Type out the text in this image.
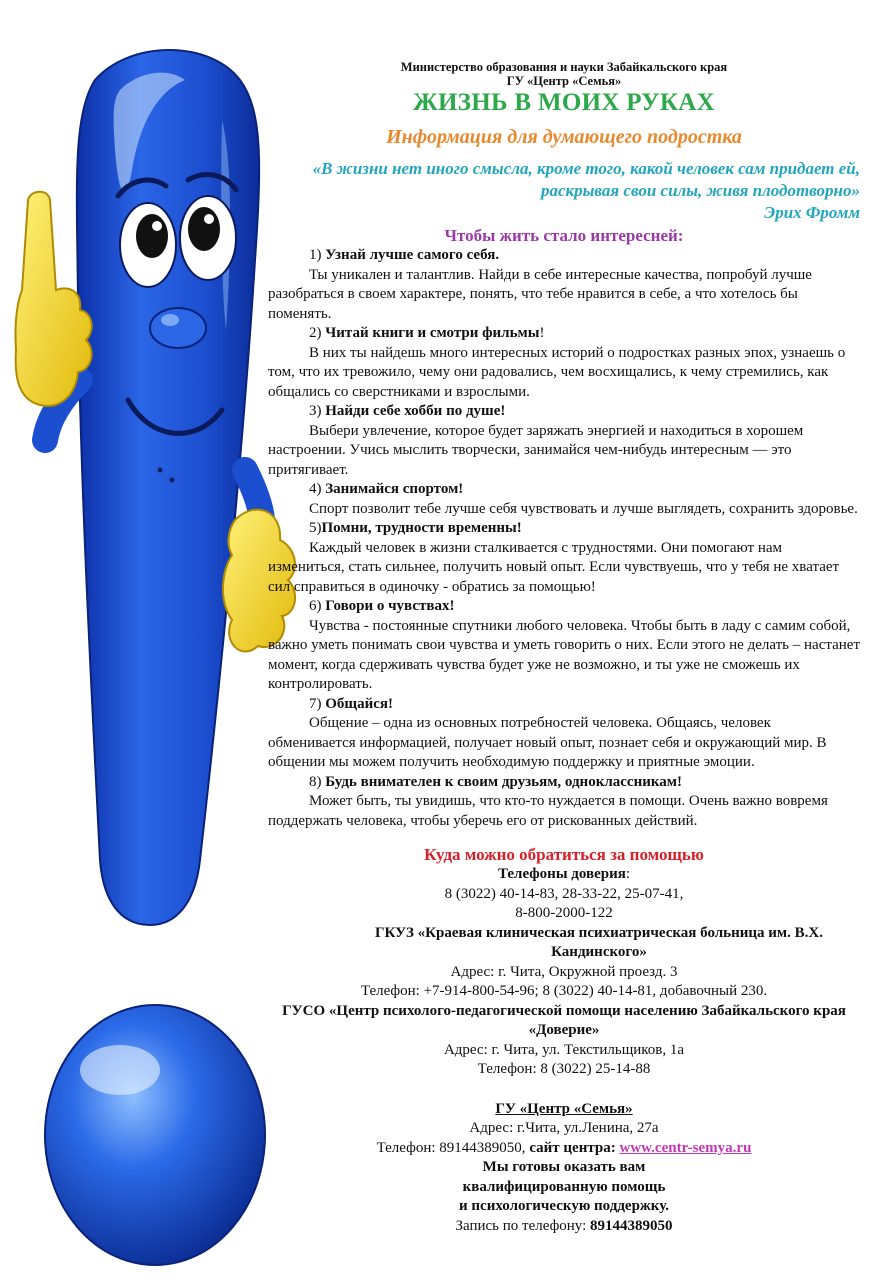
Министерство образования и науки Забайкальского края
ГУ «Центр «Семья»
ЖИЗНЬ В МОИХ РУКАХ
Информация для думающего подростка
«В жизни нет иного смысла, кроме того, какой человек сам придает ей, раскрывая свои силы, живя плодотворно»
Эрих Фромм
Чтобы жить стало интересней:
1) Узнай лучше самого себя.
Ты уникален и талантлив. Найди в себе интересные качества, попробуй лучше разобраться в своем характере, понять, что тебе нравится в себе, а что хотелось бы поменять.
2) Читай книги и смотри фильмы!
В них ты найдешь много интересных историй о подростках разных эпох, узнаешь о том, что их тревожило, чему они радовались, чем восхищались, к чему стремились, как общались со сверстниками и взрослыми.
3) Найди себе хобби по душе!
Выбери увлечение, которое будет заряжать энергией и находиться в хорошем настроении. Учись мыслить творчески, занимайся чем-нибудь интересным — это притягивает.
4) Занимайся спортом!
Спорт позволит тебе лучше себя чувствовать и лучше выглядеть, сохранить здоровье.
5)Помни, трудности временны!
Каждый человек в жизни сталкивается с трудностями. Они помогают нам измениться, стать сильнее, получить новый опыт. Если чувствуешь, что у тебя не хватает сил справиться в одиночку - обратись за помощью!
6) Говори о чувствах!
Чувства - постоянные спутники любого человека. Чтобы быть в ладу с самим собой, важно уметь понимать свои чувства и уметь говорить о них. Если этого не делать – настанет момент, когда сдерживать чувства будет уже не возможно, и ты уже не сможешь их контролировать.
7) Общайся!
Общение – одна из основных потребностей человека. Общаясь, человек обменивается информацией, получает новый опыт, познает себя и окружающий мир. В общении мы можем получить необходимую поддержку и приятные эмоции.
8) Будь внимателен к своим друзьям, одноклассникам!
Может быть, ты увидишь, что кто-то нуждается в помощи. Очень важно вовремя поддержать человека, чтобы уберечь его от рискованных действий.
Куда можно обратиться за помощью
Телефоны доверия:
8 (3022) 40-14-83, 28-33-22, 25-07-41,
8-800-2000-122
ГКУЗ «Краевая клиническая психиатрическая больница им. В.Х. Кандинского»
Адрес: г. Чита, Окружной проезд. 3
Телефон: +7-914-800-54-96; 8 (3022) 40-14-81, добавочный 230.
ГУСО «Центр психолого-педагогической помощи населению Забайкальского края «Доверие»
Адрес: г. Чита, ул. Текстильщиков, 1а
Телефон: 8 (3022) 25-14-88
ГУ «Центр «Семья»
Адрес: г.Чита, ул.Ленина, 27а
Телефон: 89144389050, сайт центра: www.centr-semya.ru
Мы готовы оказать вам
квалифицированную помощь
и психологическую поддержку.
Запись по телефону: 89144389050
